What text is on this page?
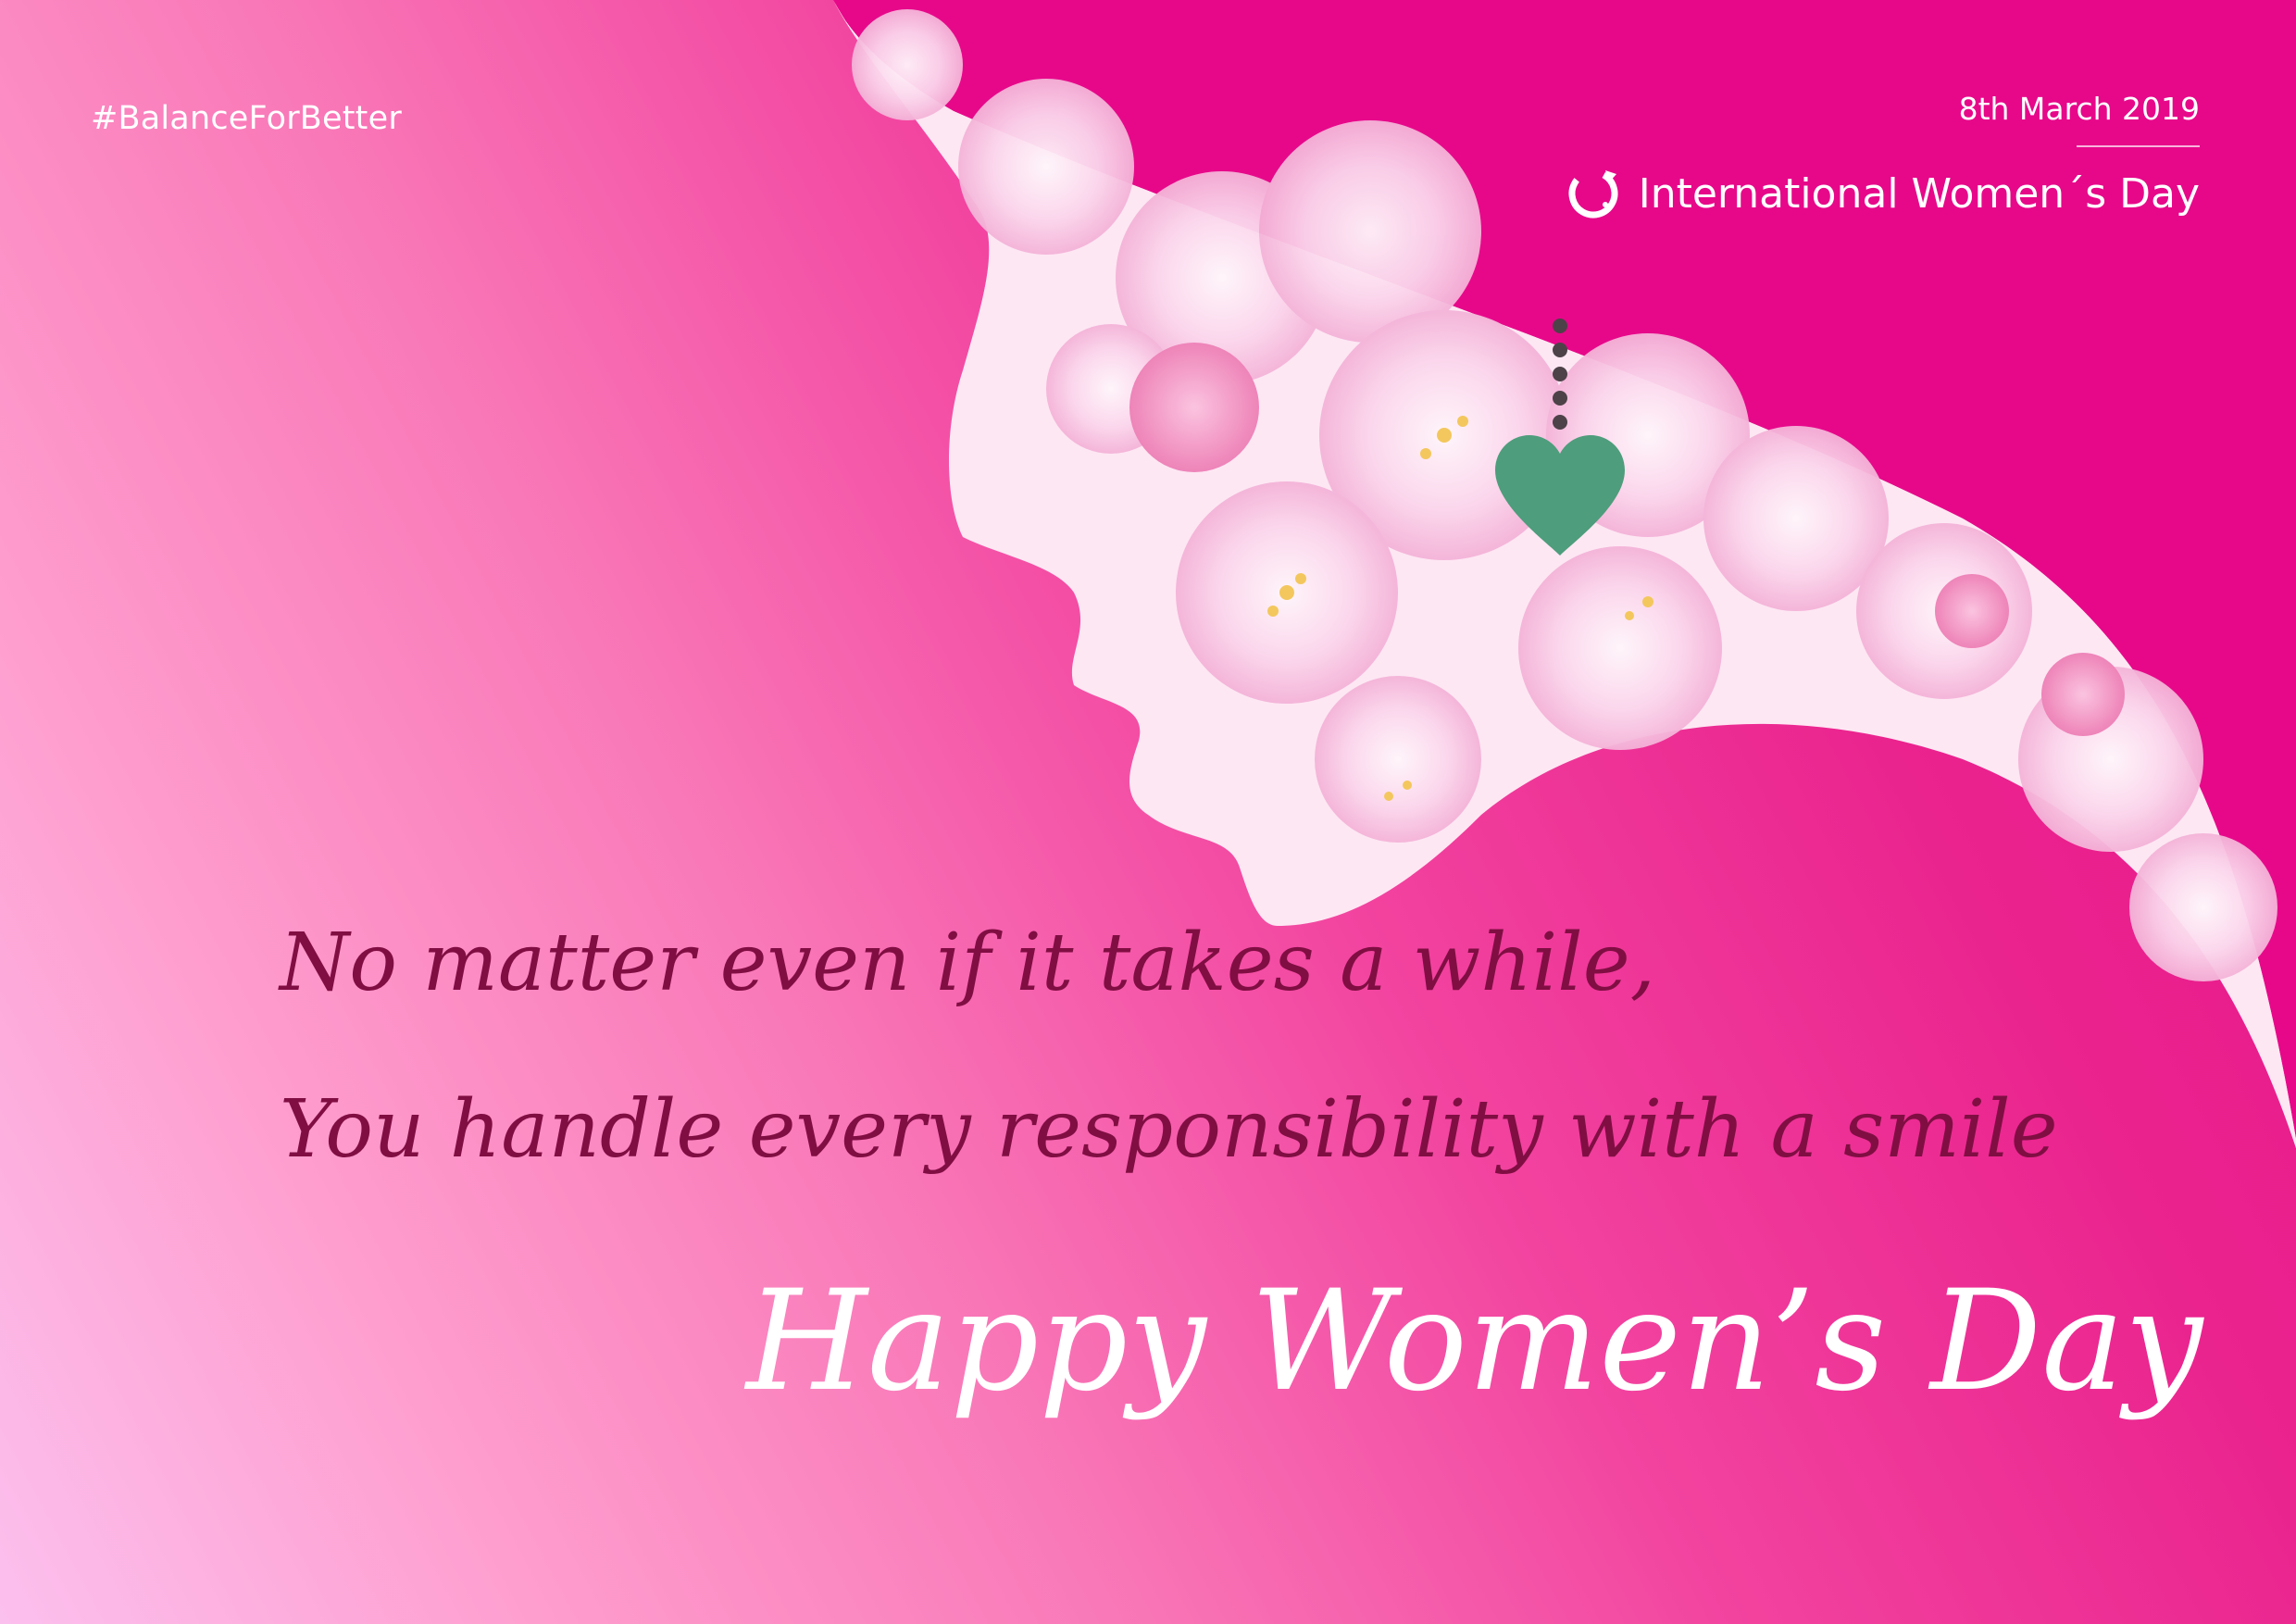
#BalanceForBetter	8th March 2019

International Women´s Day

No matter even if it takes a while,

You handle every responsibility with a smile

Happy Women’s Day
